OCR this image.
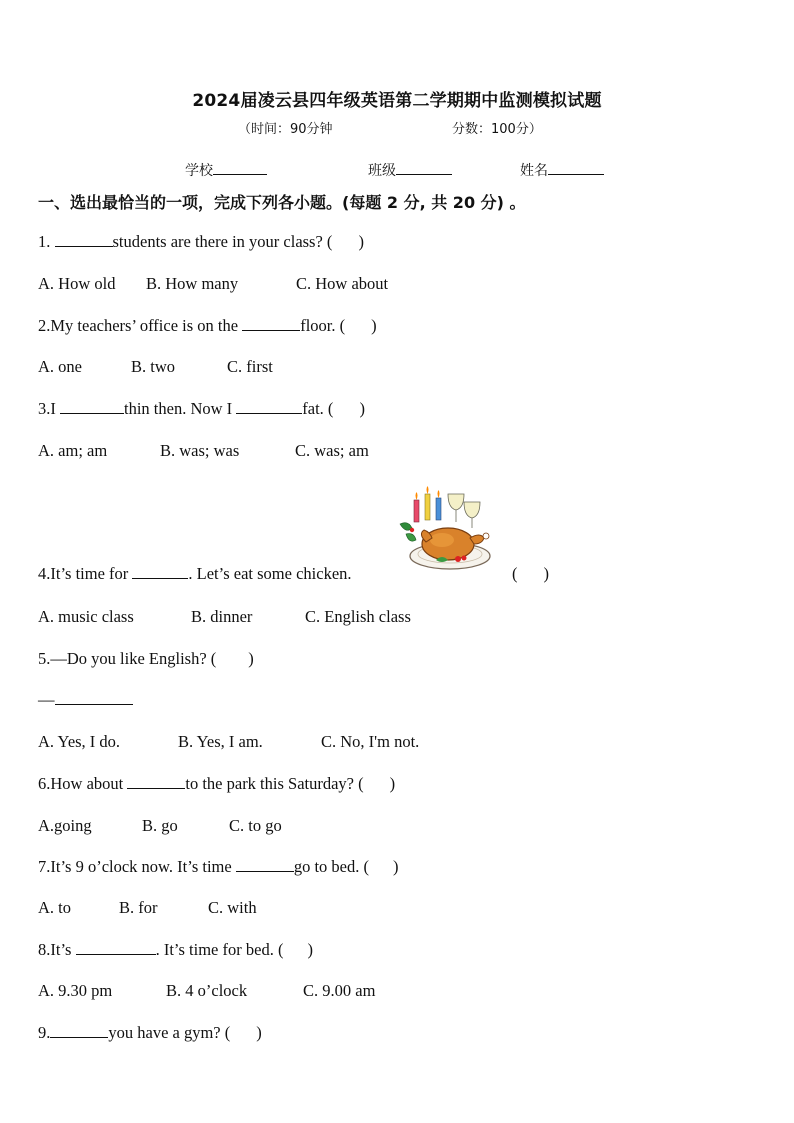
2024届凌云县四年级英语第二学期期中监测模拟试题
（时间：90分钟	分数：100分）
学校	班级	姓名
一、选出最恰当的一项，完成下列各小题。(每题 2 分, 共 20 分) 。
1.	students are there in your class? ( )
A. How old B. How many	C. How about
2.My teachers’ office is on the	floor. ( )
A. one	B. two	C. first
3.I	thin then. Now I	fat. ( )
A. am; am	B. was; was	C. was; am
4.It’s time for	. Let’s eat some chicken.	( )
A. music class	B. dinner	C. English class
5.—Do you like English? ( )
—
A. Yes, I do.	B. Yes, I am.	C. No, I'm not.
6.How about	to the park this Saturday? ( )
A.going	B. go	C. to go
7.It’s 9 o’clock now. It’s time	go to bed. ( )
A. to	B. for	C. with
8.It’s	. It’s time for bed. ( )
A. 9.30 pm	B. 4 o’clock	C. 9.00 am
9.	you have a gym? ( )
